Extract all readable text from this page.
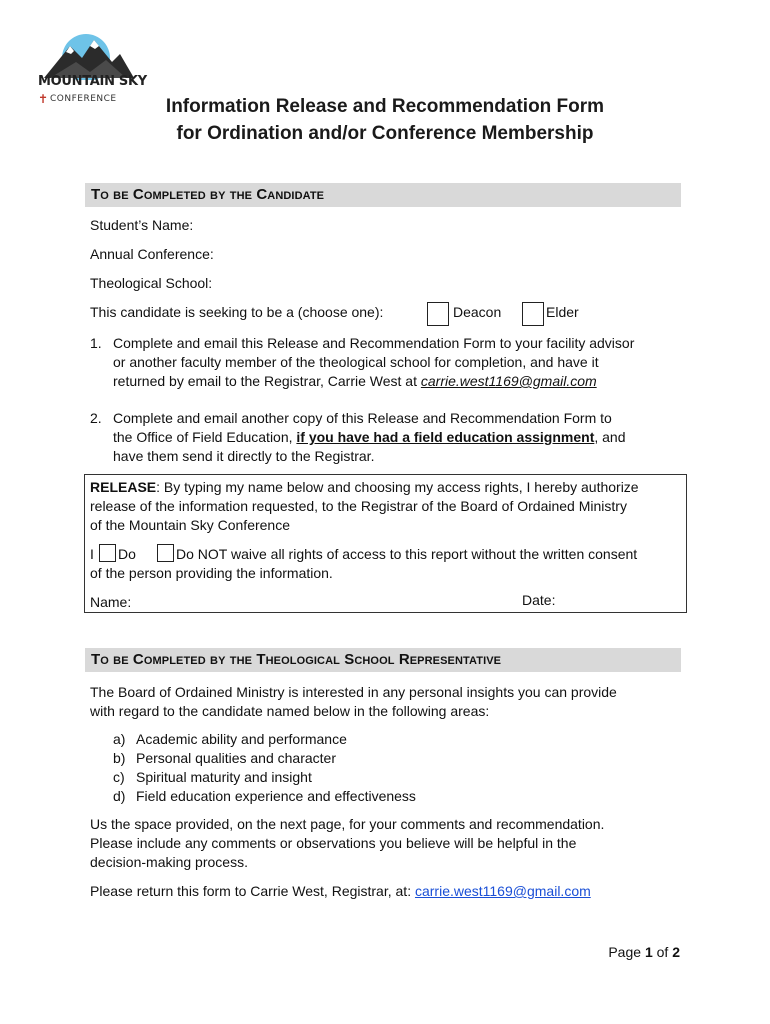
MOUNTAIN SKY
✝ CONFERENCE	Information Release and Recommendation Form
for Ordination and/or Conference Membership
To be Completed by the Candidate
Student’s Name:
Annual Conference:
Theological School:
This candidate is seeking to be a (choose one):	Deacon	Elder
1. Complete and email this Release and Recommendation Form to your facility advisor
or another faculty member of the theological school for completion, and have it
returned by email to the Registrar, Carrie West at carrie.west1169@gmail.com
2. Complete and email another copy of this Release and Recommendation Form to
the Office of Field Education, if you have had a field education assignment, and
have them send it directly to the Registrar.
RELEASE: By typing my name below and choosing my access rights, I hereby authorize
release of the information requested, to the Registrar of the Board of Ordained Ministry
of the Mountain Sky Conference
I Do	Do NOT waive all rights of access to this report without the written consent
of the person providing the information.
Name:	Date:
To be Completed by the Theological School Representative
The Board of Ordained Ministry is interested in any personal insights you can provide
with regard to the candidate named below in the following areas:
a) Academic ability and performance
b) Personal qualities and character
c) Spiritual maturity and insight
d) Field education experience and effectiveness
Us the space provided, on the next page, for your comments and recommendation.
Please include any comments or observations you believe will be helpful in the
decision-making process.
Please return this form to Carrie West, Registrar, at: carrie.west1169@gmail.com
Page 1 of 2
